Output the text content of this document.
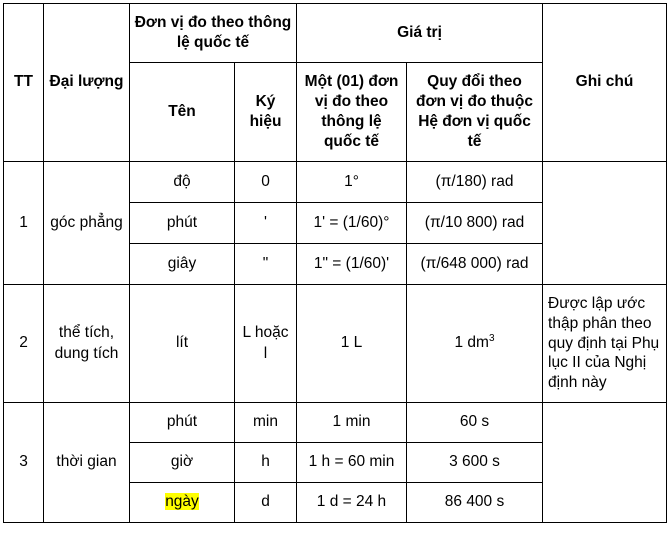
TT	Đại lượng	Đơn vị đo theo thông lệ quốc tế		Giá trị		Ghi chú
		Tên	Ký hiệu	Một (01) đơn vị đo theo thông lệ quốc tế	Quy đổi theo đơn vị đo thuộc Hệ đơn vị quốc tế	
1	góc phẳng	độ	0	1°	(π/180) rad	
		phút	'	1' = (1/60)°	(π/10 800) rad	
		giây	"	1" = (1/60)'	(π/648 000) rad	
2	thể tích, dung tích	lít	L hoặc l	1 L	1 $dm^3$	Được lập ước thập phân theo quy định tại Phụ lục II của Nghị định này
3	thời gian	phút	min	1 min	60 s	
		giờ	h	1 h = 60 min	3 600 s	
		ngày	d	1 d = 24 h	86 400 s	
